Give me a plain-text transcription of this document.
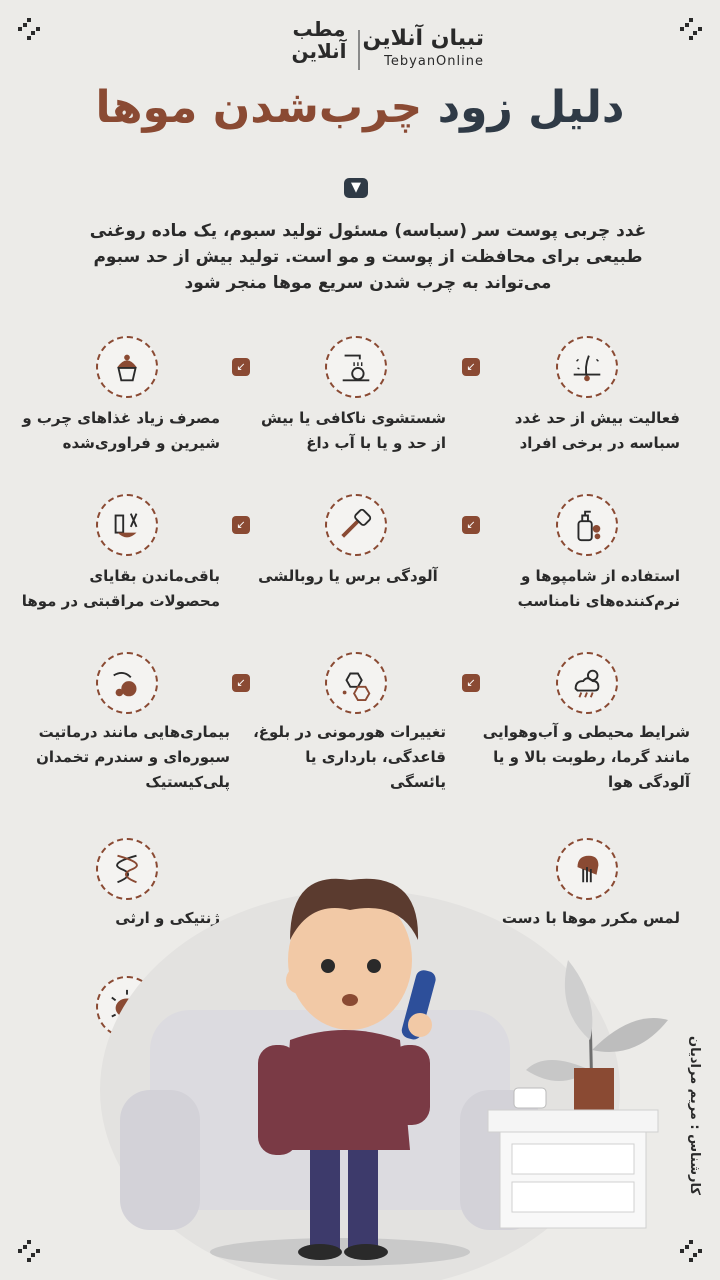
تبیان آنلاین
TebyanOnline
مطب آنلاین
دلیل زود چرب‌شدن موها
▼
غدد چربی پوست سر (سباسه) مسئول تولید سبوم، یک ماده روغنی طبیعی برای محافظت از پوست و مو است. تولید بیش از حد سبوم می‌تواند به چرب شدن سریع موها منجر شود
فعالیت بیش از حد غدد سباسه در برخی افراد
↙
شستشوی ناکافی یا بیش از حد و یا با آب داغ
↙
مصرف زیاد غذاهای چرب و شیرین و فراوری‌شده
استفاده از شامپوها و نرم‌کننده‌های نامناسب
↙
آلودگی برس یا روبالشی
↙
باقی‌ماندن بقایای محصولات مراقبتی در موها
شرایط محیطی و آب‌وهوایی مانند گرما، رطوبت بالا و یا آلودگی هوا
↙
تغییرات هورمونی در بلوغ، قاعدگی، بارداری یا یائسگی
↙
بیماری‌هایی مانند درماتیت سبوره‌ای و سندرم تخمدان پلی‌کیستیک
لمس مکرر موها با دست
ژنتیکی و ارثی
کارشناس : مریم مرادیان
